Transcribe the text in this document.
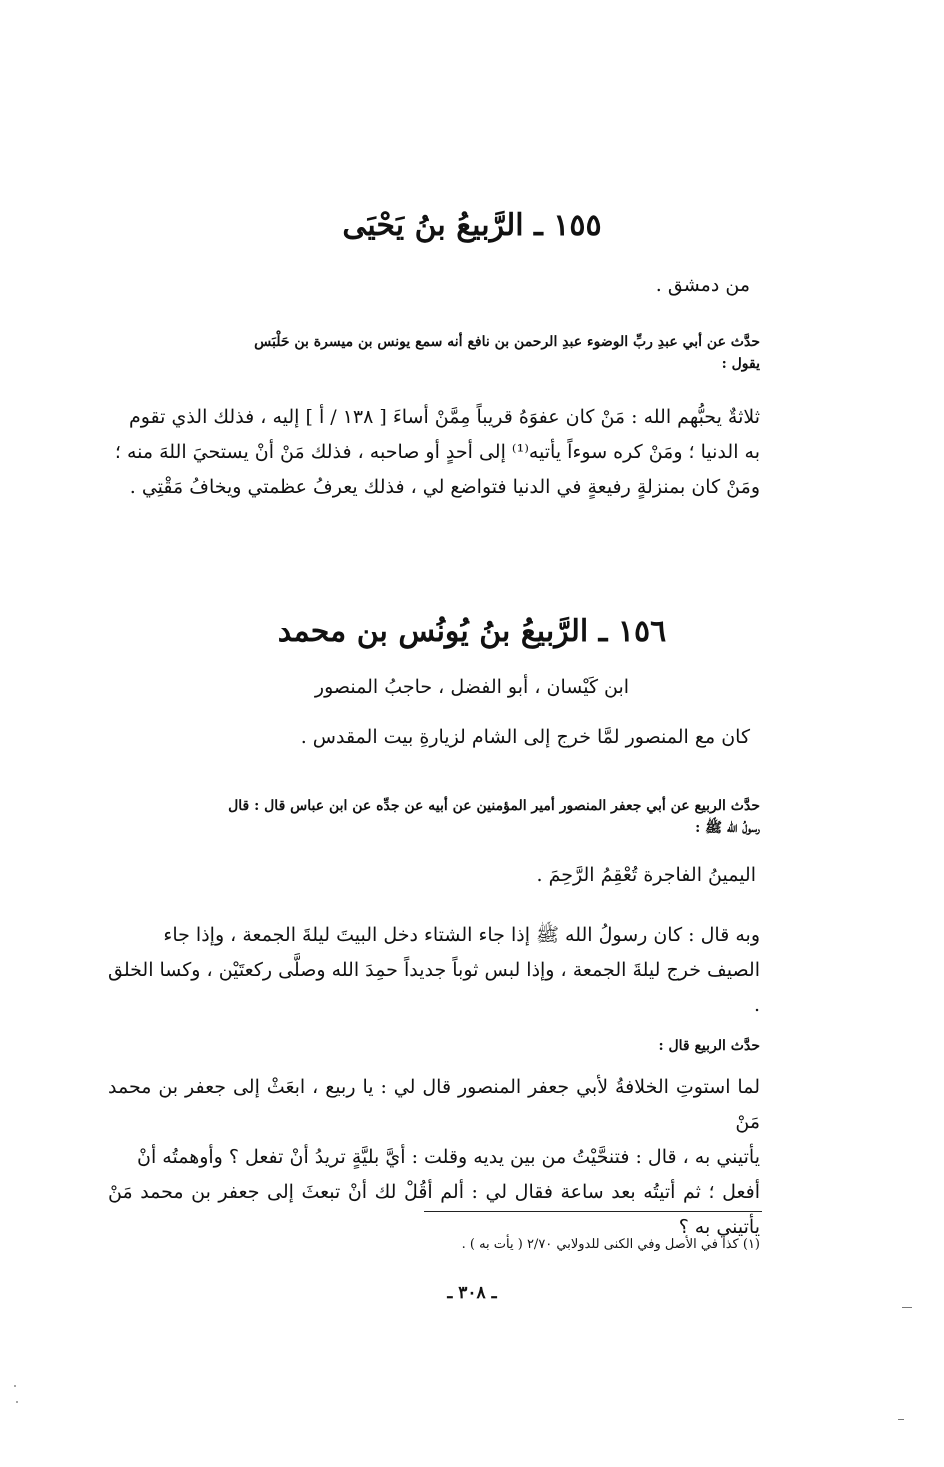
١٥٥ ـ الرَّبيعُ بنُ يَحْيَى
من دمشق .
حدَّث عن أبي عبدِ ربِّ الوضوء عبدِ الرحمن بن نافع أنه سمع يونس بن ميسرة بن حَلْبَس
يقول :
ثلاثةٌ يحبُّهم الله : مَنْ كان عفوَهُ قريباً مِمَّنْ أساءَ [ ١٣٨ / أ ] إليه ، فذلك الذي تقوم
به الدنيا ؛ ومَنْ كره سوءاً يأتيه⁽¹⁾ إلى أحدٍ أو صاحبه ، فذلك مَنْ أنْ يستحيَ اللهَ منه ؛
ومَنْ كان بمنزلةٍ رفيعةٍ في الدنيا فتواضع لي ، فذلك يعرفُ عظمتي ويخافُ مَقْتِي .
١٥٦ ـ الرَّبيعُ بنُ يُونُس بن محمد
ابن كَيْسان ، أبو الفضل ، حاجبُ المنصور
كان مع المنصور لمَّا خرج إلى الشام لزيارةِ بيت المقدس .
حدَّث الربيع عن أبي جعفر المنصور أمير المؤمنين عن أبيه عن جدِّه عن ابن عباس قال : قال
رسولُ الله ﷺ :
اليمينُ الفاجرة تُعْقِمُ الرَّحِمَ .
وبه قال : كان رسولُ الله ﷺ إذا جاء الشتاء دخل البيتَ ليلةَ الجمعة ، وإذا جاء
الصيف خرج ليلةَ الجمعة ، وإذا لبس ثوباً جديداً حمِدَ الله وصلَّى ركعتَيْن ، وكسا الخلق .
حدَّث الربيع قال :
لما استوتِ الخلافةُ لأبي جعفر المنصور قال لي : يا ربيع ، ابعَثْ إلى جعفر بن محمد مَنْ
يأتيني به ، قال : فتنحَّيْتُ من بين يديه وقلت : أيَّ بليَّةٍ تريدُ أنْ تفعل ؟ وأوهمتُه أنْ
أفعل ؛ ثم أتيتُه بعد ساعة فقال لي : ألم أقُلْ لك أنْ تبعثَ إلى جعفر بن محمد مَنْ يأتيني به ؟
(١) كذا في الأصل وفي الكنى للدولابي ٢/٧٠ ( يأت به ) .
ـ ٣٠٨ ـ
